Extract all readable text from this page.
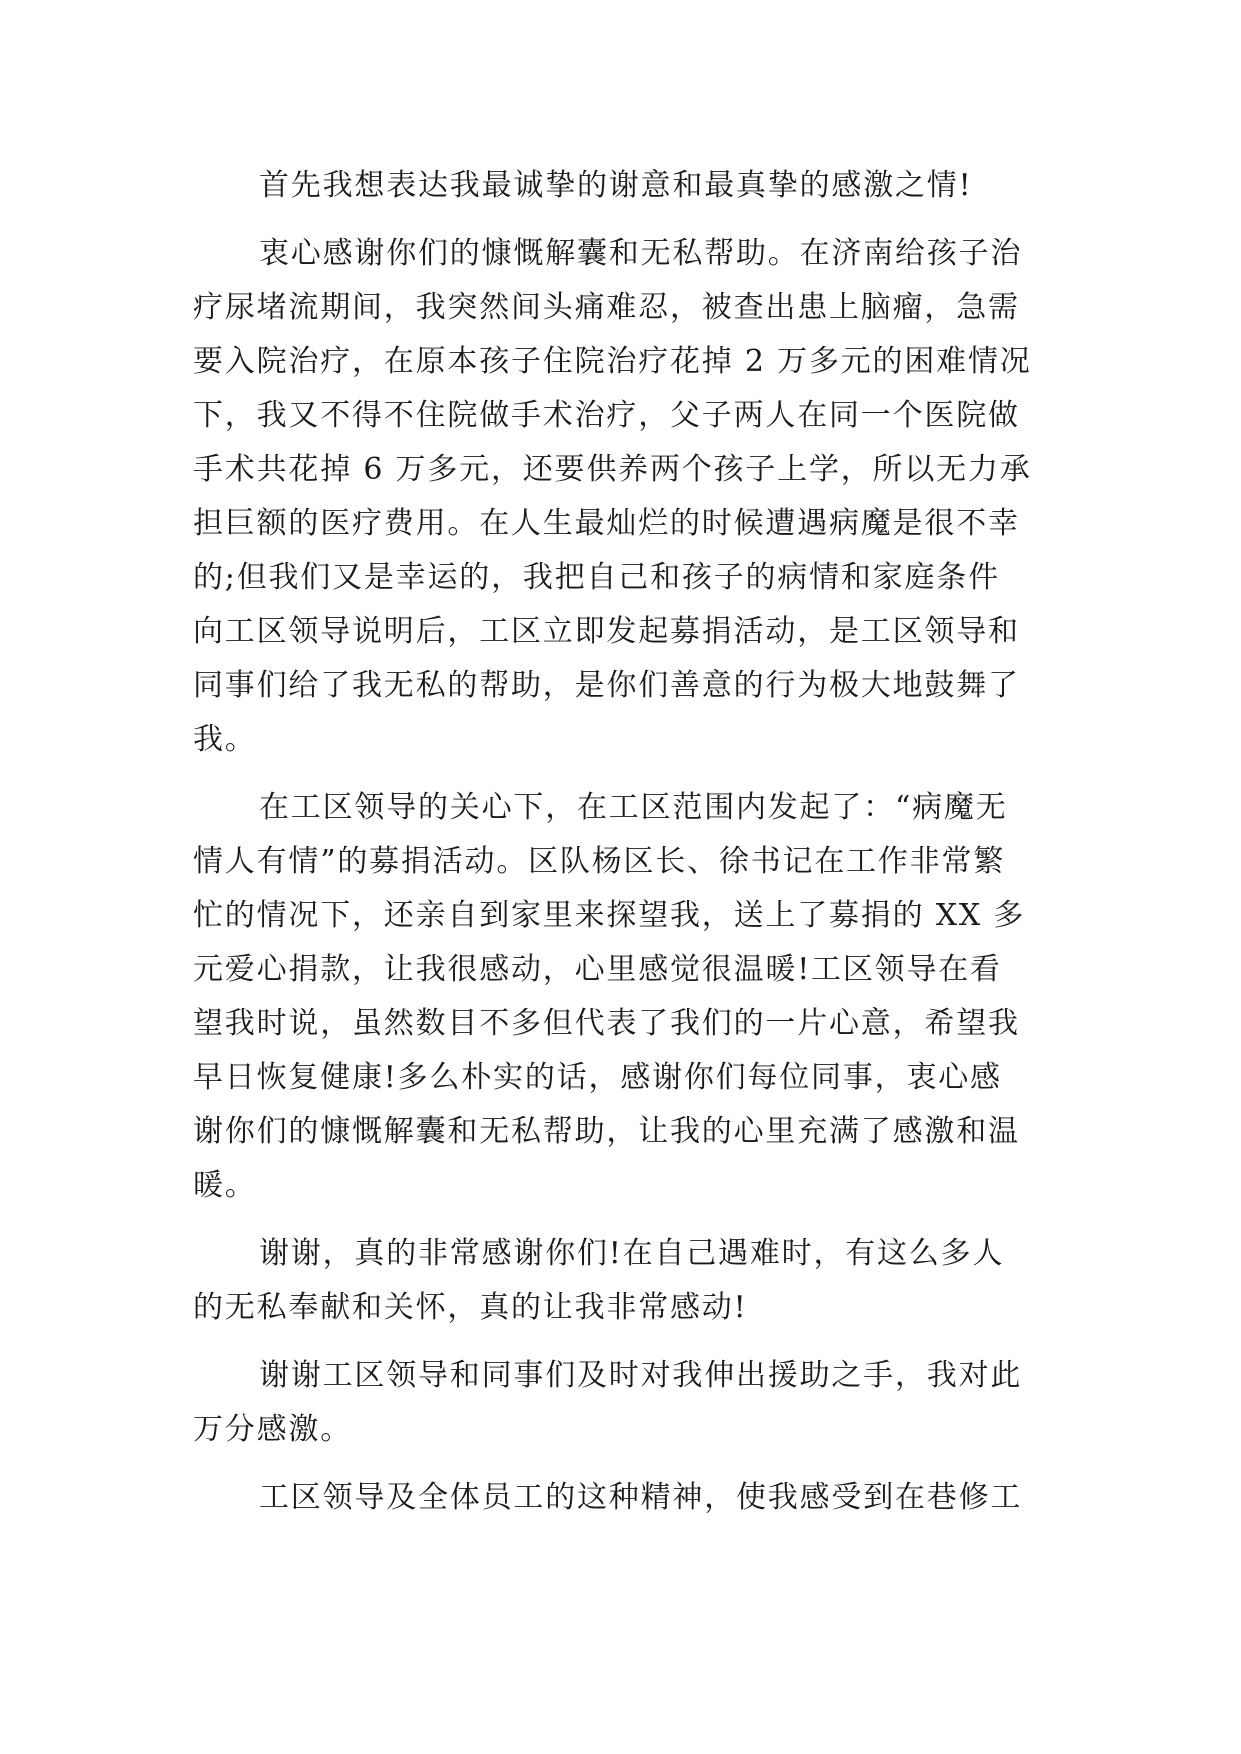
首先我想表达我最诚挚的谢意和最真挚的感激之情!
衷心感谢你们的慷慨解囊和无私帮助。在济南给孩子治
疗尿堵流期间，我突然间头痛难忍，被查出患上脑瘤，急需
要入院治疗，在原本孩子住院治疗花掉 2 万多元的困难情况
下，我又不得不住院做手术治疗，父子两人在同一个医院做
手术共花掉 6 万多元，还要供养两个孩子上学，所以无力承
担巨额的医疗费用。在人生最灿烂的时候遭遇病魔是很不幸
的;但我们又是幸运的，我把自己和孩子的病情和家庭条件
向工区领导说明后，工区立即发起募捐活动，是工区领导和
同事们给了我无私的帮助，是你们善意的行为极大地鼓舞了
我。
在工区领导的关心下，在工区范围内发起了：“病魔无
情人有情”的募捐活动。区队杨区长、徐书记在工作非常繁
忙的情况下，还亲自到家里来探望我，送上了募捐的 XX 多
元爱心捐款，让我很感动，心里感觉很温暖!工区领导在看
望我时说，虽然数目不多但代表了我们的一片心意，希望我
早日恢复健康!多么朴实的话，感谢你们每位同事，衷心感
谢你们的慷慨解囊和无私帮助，让我的心里充满了感激和温
暖。
谢谢，真的非常感谢你们!在自己遇难时，有这么多人
的无私奉献和关怀，真的让我非常感动!
谢谢工区领导和同事们及时对我伸出援助之手，我对此
万分感激。
工区领导及全体员工的这种精神，使我感受到在巷修工
